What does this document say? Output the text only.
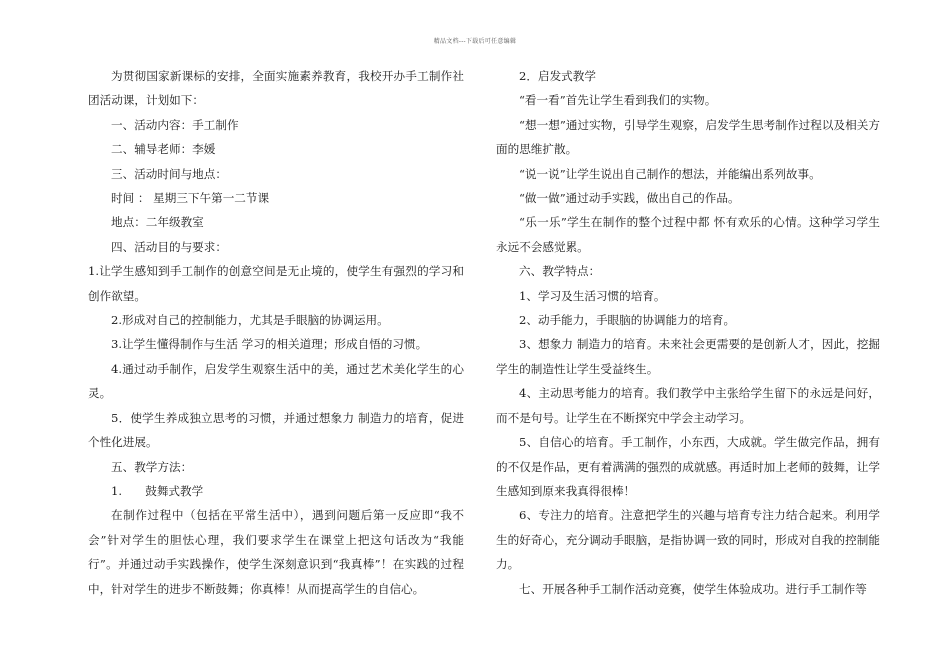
精品文档---下载后可任意编辑

为贯彻国家新课标的安排，全面实施素养教育，我校开办手工制作社团活动课，计划如下：

一、活动内容：手工制作

二、辅导老师：李媛

三、活动时间与地点：

时间 ： 星期三下午第一二节课

地点：二年级教室

四、活动目的与要求：

1.让学生感知到手工制作的创意空间是无止境的，使学生有强烈的学习和创作欲望。

2.形成对自己的控制能力，尤其是手眼脑的协调运用。

3.让学生懂得制作与生活 学习的相关道理；形成自悟的习惯。

4.通过动手制作，启发学生观察生活中的美，通过艺术美化学生的心灵。

5．使学生养成独立思考的习惯，并通过想象力 制造力的培育，促进个性化进展。

五、教学方法：

1.　　鼓舞式教学

在制作过程中（包括在平常生活中），遇到问题后第一反应即“我不会”针对学生的胆怯心理，我们要求学生在课堂上把这句话改为“我能行”。并通过动手实践操作，使学生深刻意识到“我真棒”！在实践的过程中，针对学生的进步不断鼓舞；你真棒！从而提高学生的自信心。

2．启发式教学

“看一看”首先让学生看到我们的实物。

“想一想”通过实物，引导学生观察，启发学生思考制作过程以及相关方面的思维扩散。

“说一说”让学生说出自己制作的想法，并能编出系列故事。

“做一做”通过动手实践，做出自己的作品。

“乐一乐”学生在制作的整个过程中都 怀有欢乐的心情。这种学习学生永远不会感觉累。

六、教学特点：

1、学习及生活习惯的培育。

2、动手能力，手眼脑的协调能力的培育。

3、想象力 制造力的培育。未来社会更需要的是创新人才，因此，挖掘学生的制造性让学生受益终生。

4、主动思考能力的培育。我们教学中主张给学生留下的永远是问好，而不是句号。让学生在不断探究中学会主动学习。

5、自信心的培育。手工制作，小东西，大成就。学生做完作品，拥有的不仅是作品，更有着满满的强烈的成就感。再适时加上老师的鼓舞，让学生感知到原来我真得很棒！

6、专注力的培育。注意把学生的兴趣与培育专注力结合起来。利用学生的好奇心，充分调动手眼脑，是指协调一致的同时，形成对自我的控制能力。

七、开展各种手工制作活动竞赛，使学生体验成功。进行手工制作等
